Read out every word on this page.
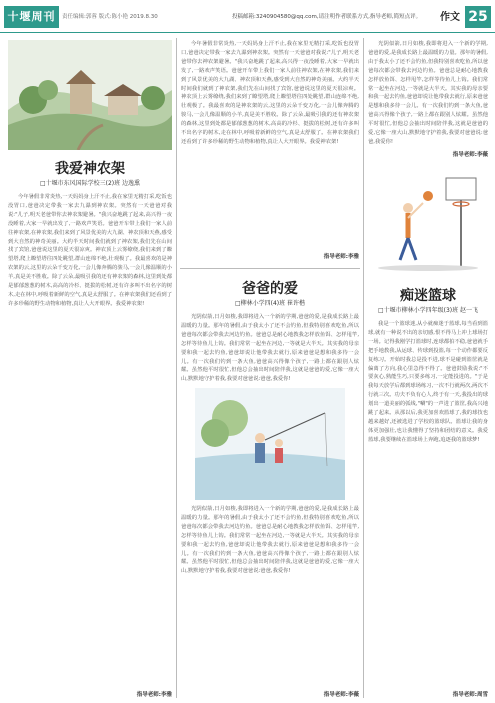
十堰周刊	责任编辑:郭蓉 版式:陈小艳 2019.8.30	投稿邮箱:3240904580@qq.com,请注明作者联系方式,指导老师,简短点评。 作文 25
我爱神农架
□十堰市东风国际学校三(2)班 边逸熏

今年暑假非常炎热,一天妈妈身上汗不止,我在家里无精打采,吃饭也没胃口,爸爸决定带我一家去九瀑到神农架。突然有一天爸爸对我说:"儿子,明天老爸带你去神农架避暑。"我兴奋地跳了起来,高兴得一夜没睡着,大家一早就出发了,一路欢声笑语。爸爸开车带上我们一家人前往神农架,在神农架,我们来到了风景优美的大九湖、神农顶和天燕,感受到大自然的神奇美丽。大约半天时间我们就到了神农架,我们先在山间找了宾馆,爸爸说这里的夏天很凉爽。神农顶上云雾缭绕,我们来到了瞭望塔,爬上瞭望塔往四处眺望,群山连绵不绝,壮观极了。我最喜欢的是神农架的云,这里的云朵千变万化,一会儿像奔腾的骏马,一会儿像温顺的小羊,真是美不胜收。除了云朵,最吸引我的还有神农架的森林,这里到处都是郁郁葱葱的树木,高高的冷杉、挺拔的松树,还有许多叫不出名字的树木,走在林中,呼吸着新鲜的空气,真是太舒服了。在神农架我们还看到了许多珍稀的野生动物和植物,真让人大开眼界。我爱神农架!

指导老师:李雅

今年暑假非常炎热,一天妈妈身上汗不止,我在家里无精打采,吃饭也没胃口,爸爸决定带我一家去九瀑到神农架。突然有一天爸爸对我说:"儿子,明天老爸带你去神农架避暑。"我兴奋地跳了起来,高兴得一夜没睡着,大家一早就出发了,一路欢声笑语。爸爸开车带上我们一家人前往神农架,在神农架,我们来到了风景优美的大九湖、神农顶和天燕,感受到大自然的神奇美丽。大约半天时间我们就到了神农架,我们先在山间找了宾馆,爸爸说这里的夏天很凉爽。神农顶上云雾缭绕,我们来到了瞭望塔,爬上瞭望塔往四处眺望,群山连绵不绝,壮观极了。我最喜欢的是神农架的云,这里的云朵千变万化,一会儿像奔腾的骏马,一会儿像温顺的小羊,真是美不胜收。除了云朵,最吸引我的还有神农架的森林,这里到处都是郁郁葱葱的树木,高高的冷杉、挺拔的松树,还有许多叫不出名字的树木,走在林中,呼吸着新鲜的空气,真是太舒服了。在神农架我们还看到了许多珍稀的野生动物和植物,真让人大开眼界。我爱神农架!

指导老师:李雅
爸爸的爱
□柳林小学四(4)班 崔许楷

光阴似箭,日月如梭,我即将进入一个新的学期,爸爸的爱,是我成长路上最温暖的力量。那年的暑假,由于我太小了还不会钓鱼,但我特别喜欢吃鱼,所以爸爸每次都会带我去河边钓鱼。爸爸总是耐心地教我怎样放鱼饵、怎样甩竿,怎样等待鱼儿上钩。我们常常一起坐在河边,一等就是大半天。其实我的母亲要和我一起去钓鱼,爸爸却说让他带我去就行,原来爸爸是想和我多待一会儿。有一次我们钓到一条大鱼,爸爸高兴得像个孩子,一路上都在跟别人炫耀。虽然他平时很忙,但他总会抽出时间陪伴我,这就是爸爸的爱,它像一座大山,默默地守护着我,我要对爸爸说:爸爸,我爱你!

光阴似箭,日月如梭,我即将进入一个新的学期,爸爸的爱,是我成长路上最温暖的力量。那年的暑假,由于我太小了还不会钓鱼,但我特别喜欢吃鱼,所以爸爸每次都会带我去河边钓鱼。爸爸总是耐心地教我怎样放鱼饵、怎样甩竿,怎样等待鱼儿上钩。我们常常一起坐在河边,一等就是大半天。其实我的母亲要和我一起去钓鱼,爸爸却说让他带我去就行,原来爸爸是想和我多待一会儿。有一次我们钓到一条大鱼,爸爸高兴得像个孩子,一路上都在跟别人炫耀。虽然他平时很忙,但他总会抽出时间陪伴我,这就是爸爸的爱,它像一座大山,默默地守护着我,我要对爸爸说:爸爸,我爱你!

指导老师:李薇

光阴似箭,日月如梭,我即将进入一个新的学期,爸爸的爱,是我成长路上最温暖的力量。那年的暑假,由于我太小了还不会钓鱼,但我特别喜欢吃鱼,所以爸爸每次都会带我去河边钓鱼。爸爸总是耐心地教我怎样放鱼饵、怎样甩竿,怎样等待鱼儿上钩。我们常常一起坐在河边,一等就是大半天。其实我的母亲要和我一起去钓鱼,爸爸却说让他带我去就行,原来爸爸是想和我多待一会儿。有一次我们钓到一条大鱼,爸爸高兴得像个孩子,一路上都在跟别人炫耀。虽然他平时很忙,但他总会抽出时间陪伴我,这就是爸爸的爱,它像一座大山,默默地守护着我,我要对爸爸说:爸爸,我爱你!

指导老师:李薇
痴迷篮球
□十堰市柳林小学四年级(3)班 赵一飞

我是一个篮球迷,从小就痴迷于篮球,每当看到篮球,就有一种说不出的亲切感,恨不得马上冲上球场打一场。记得我刚学打篮球时,连球都拍不稳,爸爸就手把手地教我,从运球、传球到投篮,每一个动作都要反复练习。开始时我总是投不进,球不是碰到篮筐就是偏离了方向,我心里急得不得了。爸爸鼓励我说:"不要灰心,熟能生巧,只要多练习,一定能投进的。"于是我每天放学后都到球场练习,一次不行就两次,两次不行就三次。功夫不负有心人,终于有一天,我投出的球划出一道美丽的弧线,"唰"的一声进了篮筐,我高兴地跳了起来。从那以后,我更加喜欢篮球了,我的球技也越来越好,还被选进了学校的篮球队。篮球让我的身体更加强壮,也让我懂得了坚持和团结的意义。我爱篮球,我要继续在篮球场上奔跑,追逐我的篮球梦!

指导老师:周雪
